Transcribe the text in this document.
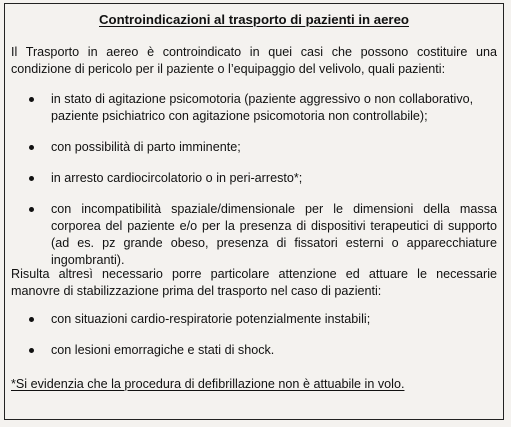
Controindicazioni al trasporto di pazienti in aereo
Il Trasporto in aereo è controindicato in quei casi che possono costituire una condizione di pericolo per il paziente o l’equipaggio del velivolo, quali pazienti:
in stato di agitazione psicomotoria (paziente aggressivo o non collaborativo, paziente psichiatrico con agitazione psicomotoria non controllabile);
con possibilità di parto imminente;
in arresto cardiocircolatorio o in peri-arresto*;
con incompatibilità spaziale/dimensionale per le dimensioni della massa corporea del paziente e/o per la presenza di dispositivi terapeutici di supporto (ad es. pz grande obeso, presenza di fissatori esterni o apparecchiature ingombranti).
Risulta altresì necessario porre particolare attenzione ed attuare le necessarie manovre di stabilizzazione prima del trasporto nel caso di pazienti:
con situazioni cardio-respiratorie potenzialmente instabili;
con lesioni emorragiche e stati di shock.
*Si evidenzia che la procedura di defibrillazione non è attuabile in volo.
